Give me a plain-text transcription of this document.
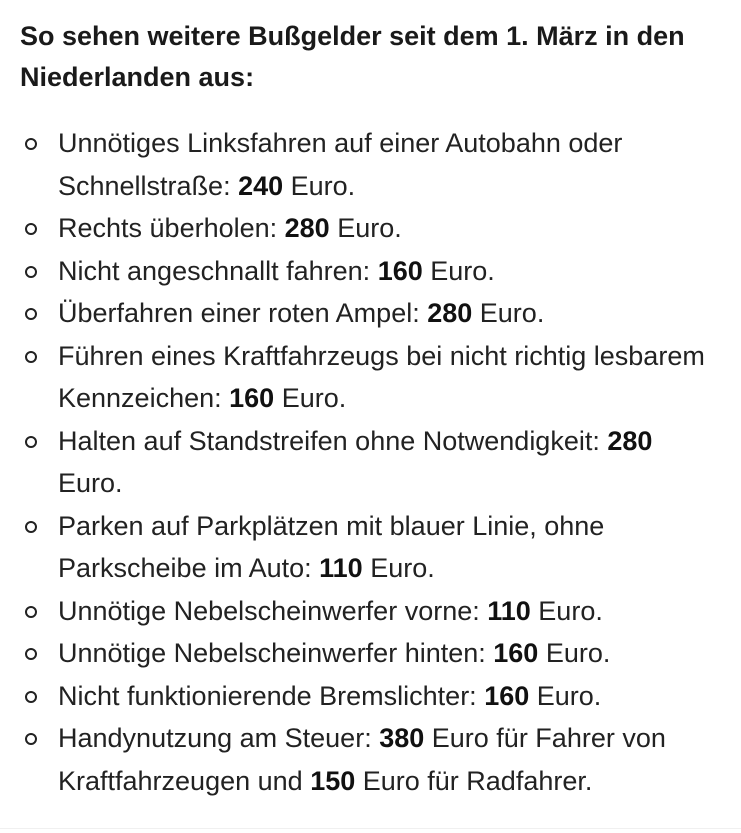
So sehen weitere Bußgelder seit dem 1. März in den Niederlanden aus:
Unnötiges Linksfahren auf einer Autobahn oder Schnellstraße: 240 Euro.
Rechts überholen: 280 Euro.
Nicht angeschnallt fahren: 160 Euro.
Überfahren einer roten Ampel: 280 Euro.
Führen eines Kraftfahrzeugs bei nicht richtig lesbarem Kennzeichen: 160 Euro.
Halten auf Standstreifen ohne Notwendigkeit: 280 Euro.
Parken auf Parkplätzen mit blauer Linie, ohne Parkscheibe im Auto: 110 Euro.
Unnötige Nebelscheinwerfer vorne: 110 Euro.
Unnötige Nebelscheinwerfer hinten: 160 Euro.
Nicht funktionierende Bremslichter: 160 Euro.
Handynutzung am Steuer: 380 Euro für Fahrer von Kraftfahrzeugen und 150 Euro für Radfahrer.
